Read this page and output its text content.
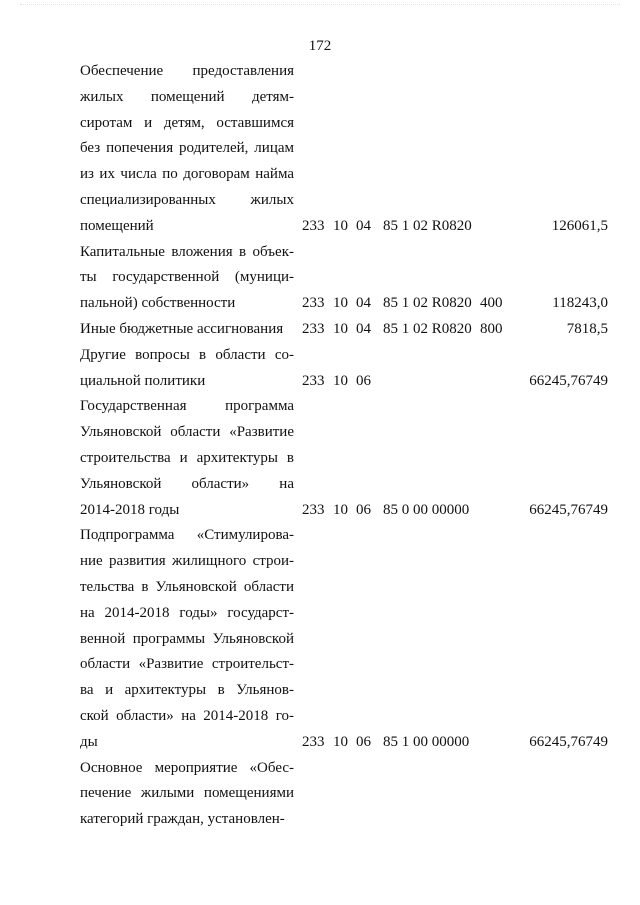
172
Обеспечение предоставления
жилых помещений детям-
сиротам и детям, оставшимся
без попечения родителей, лицам
из их числа по договорам найма
специализированных жилых
помещений	233 10 04 85 1 02 R0820	126061,5
Капитальные вложения в объек-
ты государственной (муници-
пальной) собственности	233 10 04 85 1 02 R0820 400	118243,0
Иные бюджетные ассигнования	233 10 04 85 1 02 R0820 800	7818,5
Другие вопросы в области со-
циальной политики	233 10 06	66245,76749
Государственная программа
Ульяновской области «Развитие
строительства и архитектуры в
Ульяновской области» на
2014-2018 годы	233 10 06 85 0 00 00000	66245,76749
Подпрограмма «Стимулирова-
ние развития жилищного строи-
тельства в Ульяновской области
на 2014-2018 годы» государст-
венной программы Ульяновской
области «Развитие строительст-
ва и архитектуры в Ульянов-
ской области» на 2014-2018 го-
ды	233 10 06 85 1 00 00000	66245,76749
Основное мероприятие «Обес-
печение жилыми помещениями
категорий граждан, установлен-
